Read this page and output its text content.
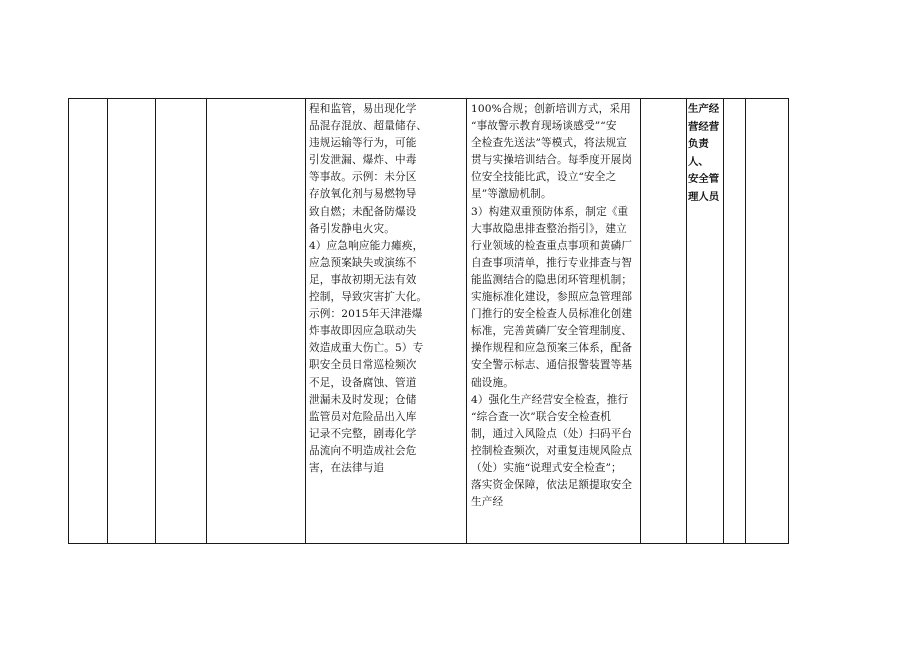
程和监管，易出现化学
品混存混放、超量储存、
违规运输等行为，可能
引发泄漏、爆炸、中毒
等事故。示例：未分区
存放氧化剂与易燃物导
致自燃；未配备防爆设
备引发静电火灾。
4）应急响应能力瘫痪，
应急预案缺失或演练不
足，事故初期无法有效
控制，导致灾害扩大化。
示例：2015年天津港爆
炸事故即因应急联动失
效造成重大伤亡。5）专
职安全员日常巡检频次
不足，设备腐蚀、管道
泄漏未及时发现；仓储
监管员对危险品出入库
记录不完整，剧毒化学
品流向不明造成社会危
害，在法律与追

100%合规；创新培训方式，采用
“事故警示教育现场谈感受”“安
全检查先送法”等模式，将法规宣
贯与实操培训结合。每季度开展岗
位安全技能比武，设立“安全之
星”等激励机制。
3）构建双重预防体系，制定《重
大事故隐患排查整治指引》，建立
行业领域的检查重点事项和黄磷厂
自查事项清单，推行专业排查与智
能监测结合的隐患闭环管理机制；
实施标准化建设，参照应急管理部
门推行的安全检查人员标准化创建
标准，完善黄磷厂安全管理制度、
操作规程和应急预案三体系，配备
安全警示标志、通信报警装置等基
础设施。
4）强化生产经营安全检查，推行
“综合查一次”联合安全检查机
制，通过入风险点（处）扫码平台
控制检查频次，对重复违规风险点
（处）实施“说理式安全检查”；
落实资金保障，依法足额提取安全
生产经

生产经
营经营
负责人、
安全管
理人员
